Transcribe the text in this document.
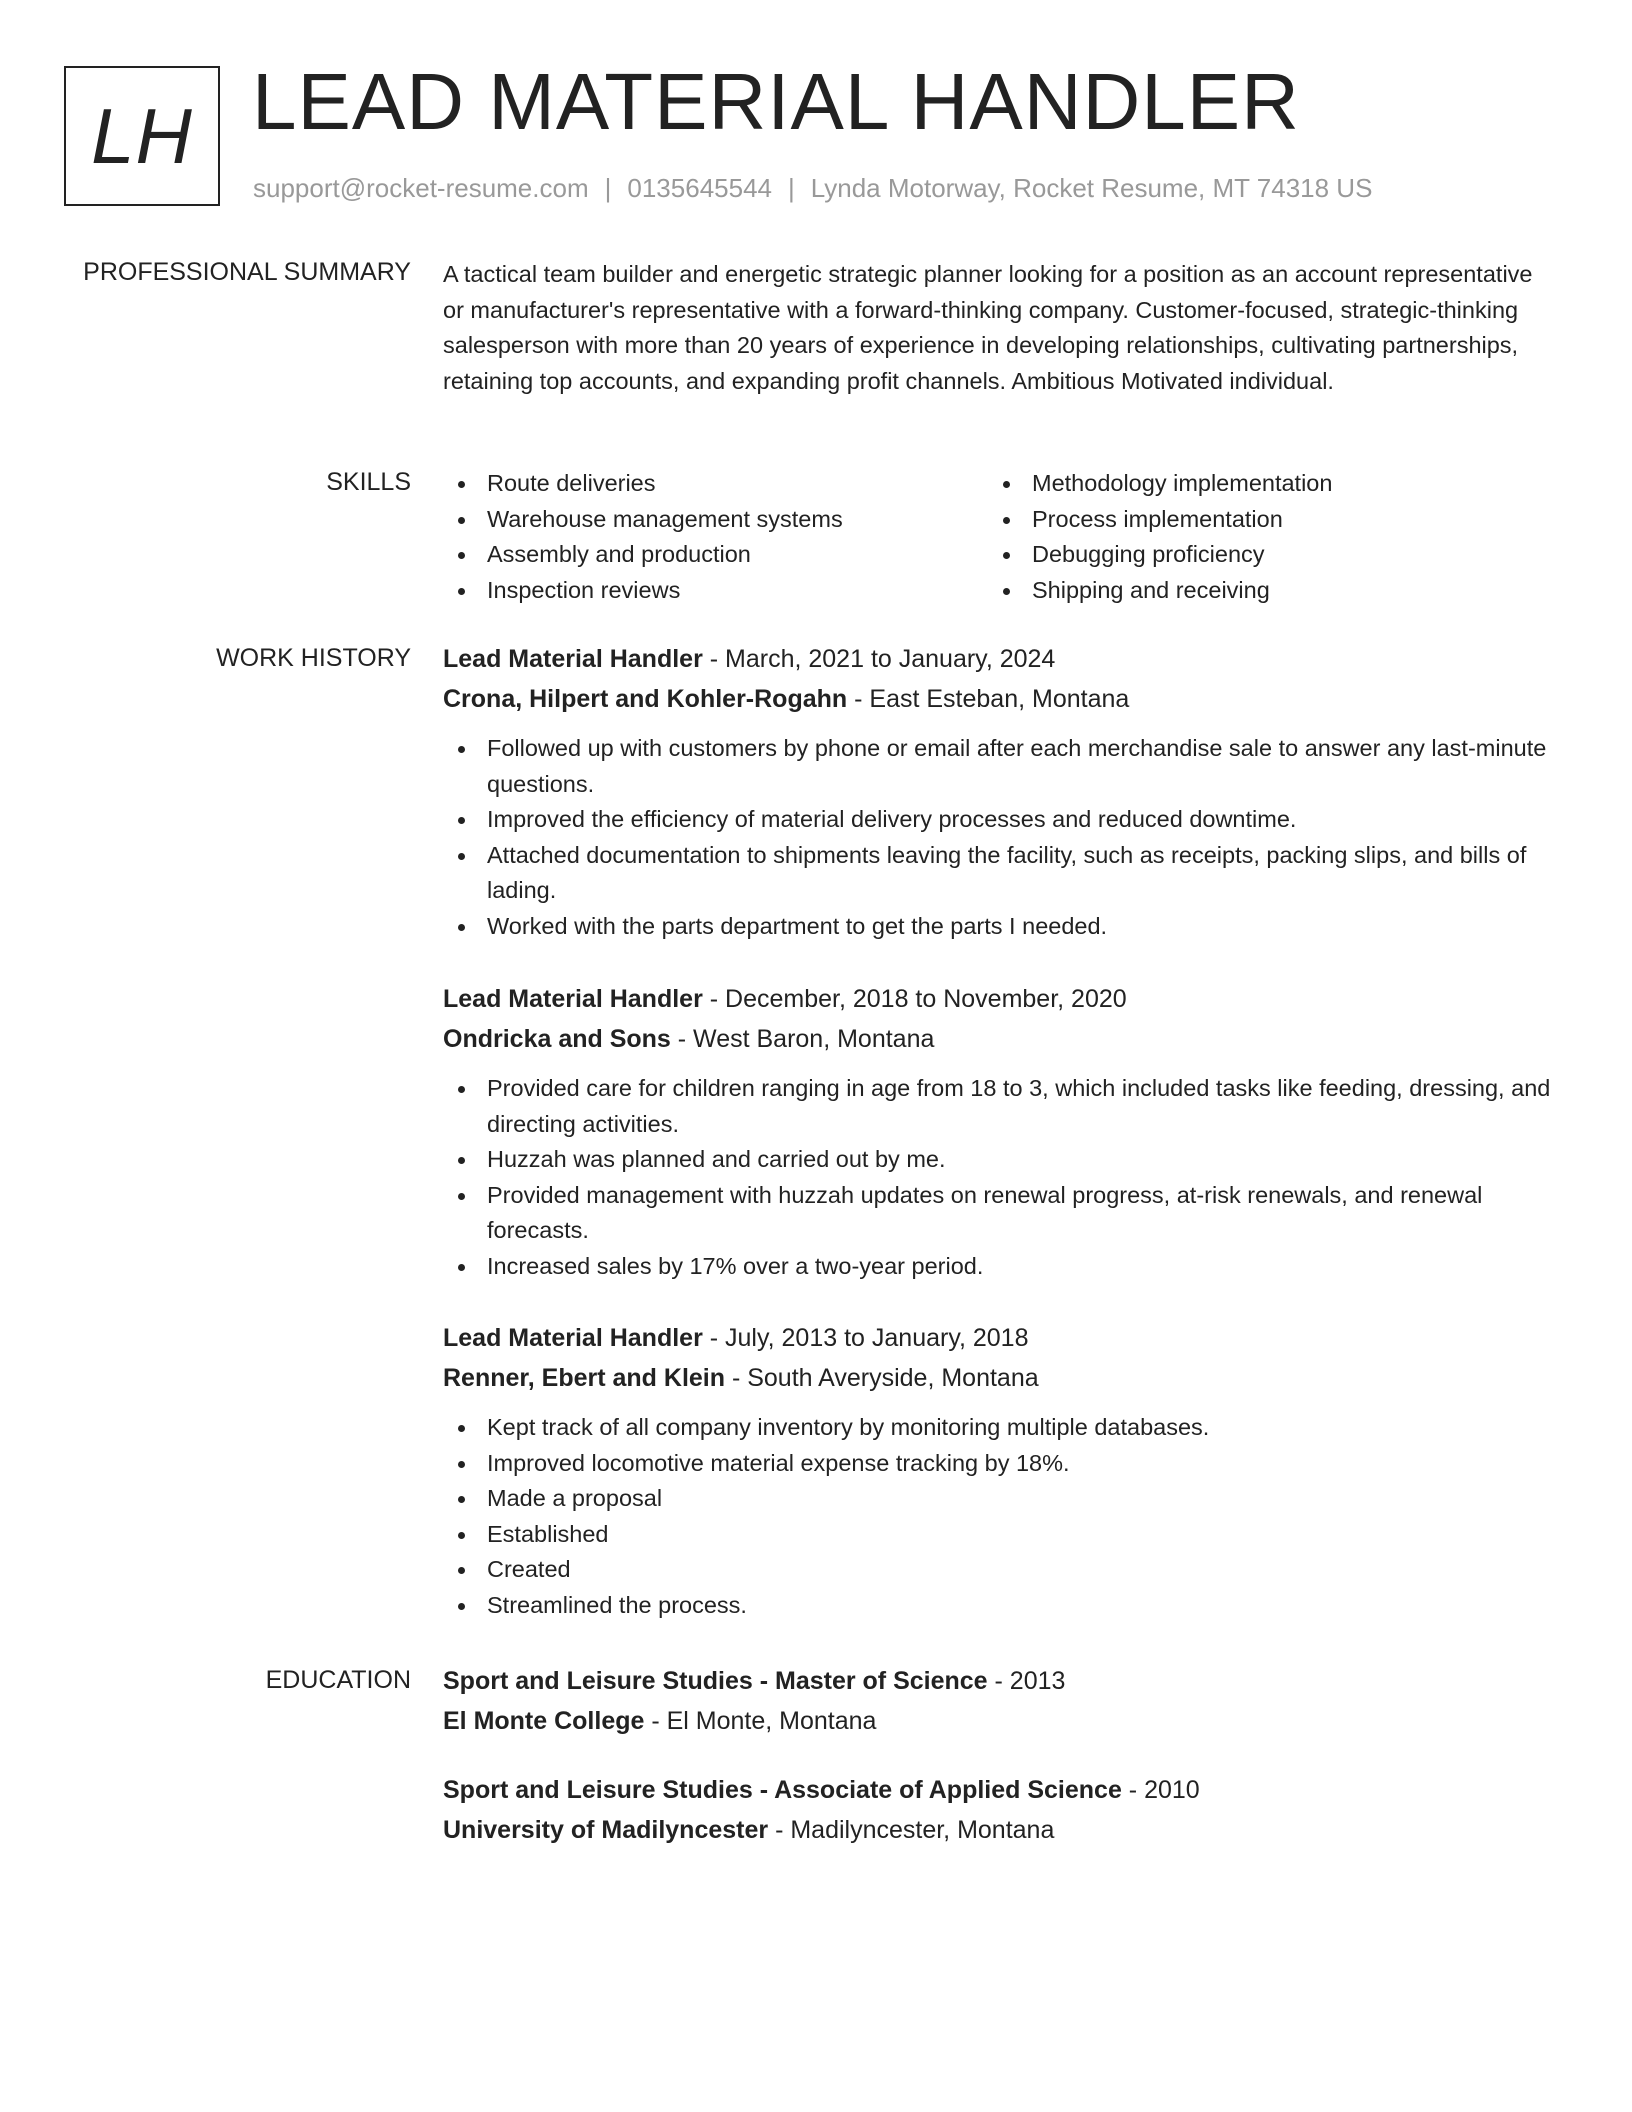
LH LEAD MATERIAL HANDLER
support@rocket-resume.com | 0135645544 | Lynda Motorway, Rocket Resume, MT 74318 US
PROFESSIONAL SUMMARY A tactical team builder and energetic strategic planner looking for a position as an account representative or manufacturer's representative with a forward-thinking company. Customer-focused, strategic-thinking salesperson with more than 20 years of experience in developing relationships, cultivating partnerships, retaining top accounts, and expanding profit channels. Ambitious Motivated individual.

SKILLS	Route deliveries
Warehouse management systems
Assembly and production
Inspection reviews
Methodology implementation
Process implementation
Debugging proficiency
Shipping and receiving
WORK HISTORY Lead Material Handler - March, 2021 to January, 2024
Crona, Hilpert and Kohler-Rogahn - East Esteban, Montana
Followed up with customers by phone or email after each merchandise sale to answer any last-minute questions.
Improved the efficiency of material delivery processes and reduced downtime.
Attached documentation to shipments leaving the facility, such as receipts, packing slips, and bills of lading.
Worked with the parts department to get the parts I needed.
Lead Material Handler - December, 2018 to November, 2020
Ondricka and Sons - West Baron, Montana
Provided care for children ranging in age from 18 to 3, which included tasks like feeding, dressing, and directing activities.
Huzzah was planned and carried out by me.
Provided management with huzzah updates on renewal progress, at-risk renewals, and renewal forecasts.
Increased sales by 17% over a two-year period.
Lead Material Handler - July, 2013 to January, 2018
Renner, Ebert and Klein - South Averyside, Montana
Kept track of all company inventory by monitoring multiple databases.
Improved locomotive material expense tracking by 18%.
Made a proposal
Established
Created
Streamlined the process.
EDUCATION Sport and Leisure Studies - Master of Science - 2013
El Monte College - El Monte, Montana
Sport and Leisure Studies - Associate of Applied Science - 2010
University of Madilyncester - Madilyncester, Montana
